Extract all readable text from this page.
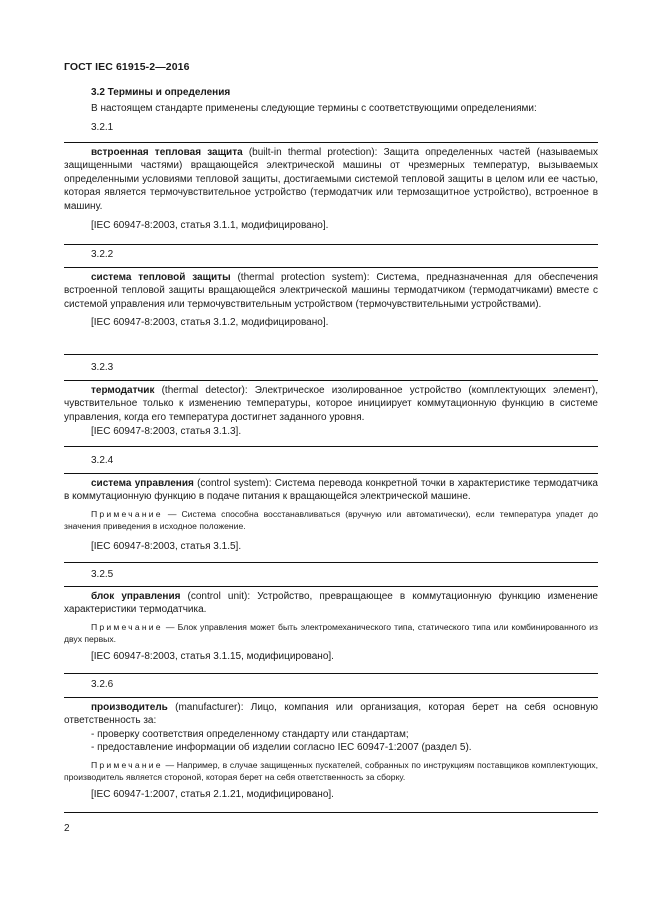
ГОСТ IEC 61915-2—2016
3.2 Термины и определения
В настоящем стандарте применены следующие термины с соответствующими определениями:
3.2.1

встроенная тепловая защита (built-in thermal protection): Защита определенных частей (называемых защищенными частями) вращающейся электрической машины от чрезмерных температур, вызываемых определенными условиями тепловой защиты, достигаемыми системой тепловой защиты в целом или ее частью, которая является термочувствительное устройство (термодатчик или термозащитное устройство), встроенное в машину.

[IEC 60947-8:2003, статья 3.1.1, модифицировано].

3.2.2

система тепловой защиты (thermal protection system): Система, предназначенная для обеспечения встроенной тепловой защиты вращающейся электрической машины термодатчиком (термодатчиками) вместе с системой управления или термочувствительным устройством (термочувствительными устройствами).

[IEC 60947-8:2003, статья 3.1.2, модифицировано].

3.2.3

термодатчик (thermal detector): Электрическое изолированное устройство (комплектующих элемент), чувствительное только к изменению температуры, которое инициирует коммутационную функцию в системе управления, когда его температура достигнет заданного уровня.

[IEC 60947-8:2003, статья 3.1.3].

3.2.4

система управления (control system): Система перевода конкретной точки в характеристике термодатчика в коммутационную функцию в подаче питания к вращающейся электрической машине.

Примечание — Система способна восстанавливаться (вручную или автоматически), если температура упадет до значения приведения в исходное положение.

[IEC 60947-8:2003, статья 3.1.5].

3.2.5

блок управления (control unit): Устройство, превращающее в коммутационную функцию изменение характеристики термодатчика.

Примечание — Блок управления может быть электромеханического типа, статического типа или комбинированного из двух первых.

[IEC 60947-8:2003, статья 3.1.15, модифицировано].

3.2.6

производитель (manufacturer): Лицо, компания или организация, которая берет на себя основную ответственность за:

- проверку соответствия определенному стандарту или стандартам;

- предоставление информации об изделии согласно IEC 60947-1:2007 (раздел 5).

Примечание — Например, в случае защищенных пускателей, собранных по инструкциям поставщиков комплектующих, производитель является стороной, которая берет на себя ответственность за сборку.

[IEC 60947-1:2007, статья 2.1.21, модифицировано].

2
